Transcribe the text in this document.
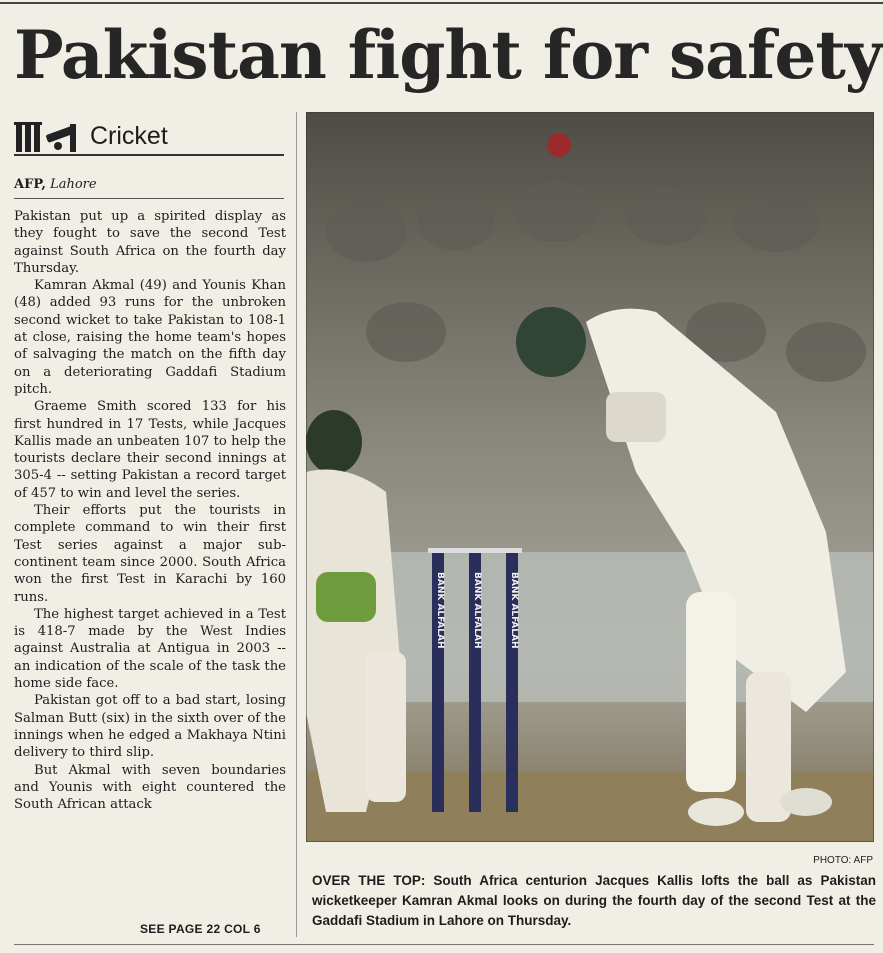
Pakistan fight for safety
Cricket
AFP, Lahore

Pakistan put up a spirited display as they fought to save the second Test against South Africa on the fourth day Thursday.

Kamran Akmal (49) and Younis Khan (48) added 93 runs for the unbroken second wicket to take Pakistan to 108-1 at close, raising the home team's hopes of salvaging the match on the fifth day on a deteriorating Gaddafi Stadium pitch.

Graeme Smith scored 133 for his first hundred in 17 Tests, while Jacques Kallis made an unbeaten 107 to help the tourists declare their second innings at 305-4 -- setting Pakistan a record target of 457 to win and level the series.

Their efforts put the tourists in complete command to win their first Test series against a major sub-continent team since 2000. South Africa won the first Test in Karachi by 160 runs.

The highest target achieved in a Test is 418-7 made by the West Indies against Australia at Antigua in 2003 -- an indication of the scale of the task the home side face.

Pakistan got off to a bad start, losing Salman Butt (six) in the sixth over of the innings when he edged a Makhaya Ntini delivery to third slip.

But Akmal with seven boundaries and Younis with eight countered the South African attack

SEE PAGE 22 COL 6
BANK ALFALAH	BANK ALFALAH	BANK ALFALAH
PHOTO: AFP
OVER THE TOP: South Africa centurion Jacques Kallis lofts the ball as Pakistan wicketkeeper Kamran Akmal looks on during the fourth day of the second Test at the Gaddafi Stadium in Lahore on Thursday.
